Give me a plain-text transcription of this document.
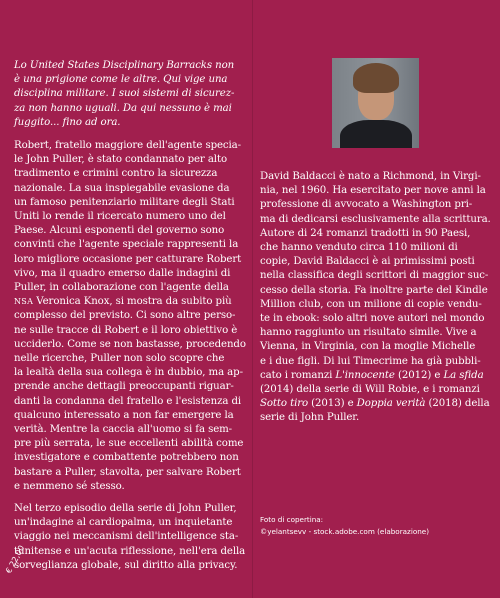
Lo United States Disciplinary Barracks non
è una prigione come le altre. Qui vige una
disciplina militare. I suoi sistemi di sicurez-
za non hanno uguali. Da qui nessuno è mai
fuggito... fino ad ora.

Robert, fratello maggiore dell'agente specia-
le John Puller, è stato condannato per alto
tradimento e crimini contro la sicurezza
nazionale. La sua inspiegabile evasione da
un famoso penitenziario militare degli Stati
Uniti lo rende il ricercato numero uno del
Paese. Alcuni esponenti del governo sono
convinti che l'agente speciale rappresenti la
loro migliore occasione per catturare Robert
vivo, ma il quadro emerso dalle indagini di
Puller, in collaborazione con l'agente della
NSA Veronica Knox, si mostra da subito più
complesso del previsto. Ci sono altre perso-
ne sulle tracce di Robert e il loro obiettivo è
ucciderlo. Come se non bastasse, procedendo
nelle ricerche, Puller non solo scopre che
la lealtà della sua collega è in dubbio, ma ap-
prende anche dettagli preoccupanti riguar-
danti la condanna del fratello e l'esistenza di
qualcuno interessato a non far emergere la
verità. Mentre la caccia all'uomo si fa sem-
pre più serrata, le sue eccellenti abilità come
investigatore e combattente potrebbero non
bastare a Puller, stavolta, per salvare Robert
e nemmeno sé stesso.

Nel terzo episodio della serie di John Puller,
un'indagine al cardiopalma, un inquietante
viaggio nei meccanismi dell'intelligence sta-
tunitense e un'acuta riflessione, nell'era della
sorveglianza globale, sul diritto alla privacy.

David Baldacci è nato a Richmond, in Virgi-
nia, nel 1960. Ha esercitato per nove anni la
professione di avvocato a Washington pri-
ma di dedicarsi esclusivamente alla scrittura.
Autore di 24 romanzi tradotti in 90 Paesi,
che hanno venduto circa 110 milioni di
copie, David Baldacci è ai primissimi posti
nella classifica degli scrittori di maggior suc-
cesso della storia. Fa inoltre parte del Kindle
Million club, con un milione di copie vendu-
te in ebook: solo altri nove autori nel mondo
hanno raggiunto un risultato simile. Vive a
Vienna, in Virginia, con la moglie Michelle
e i due figli. Di lui Timecrime ha già pubbli-
cato i romanzi L'innocente (2012) e La sfida
(2014) della serie di Will Robie, e i romanzi
Sotto tiro (2013) e Doppia verità (2018) della
serie di John Puller.

Foto di copertina:
©yelantsevv - stock.adobe.com (elaborazione)

€ 22,00
